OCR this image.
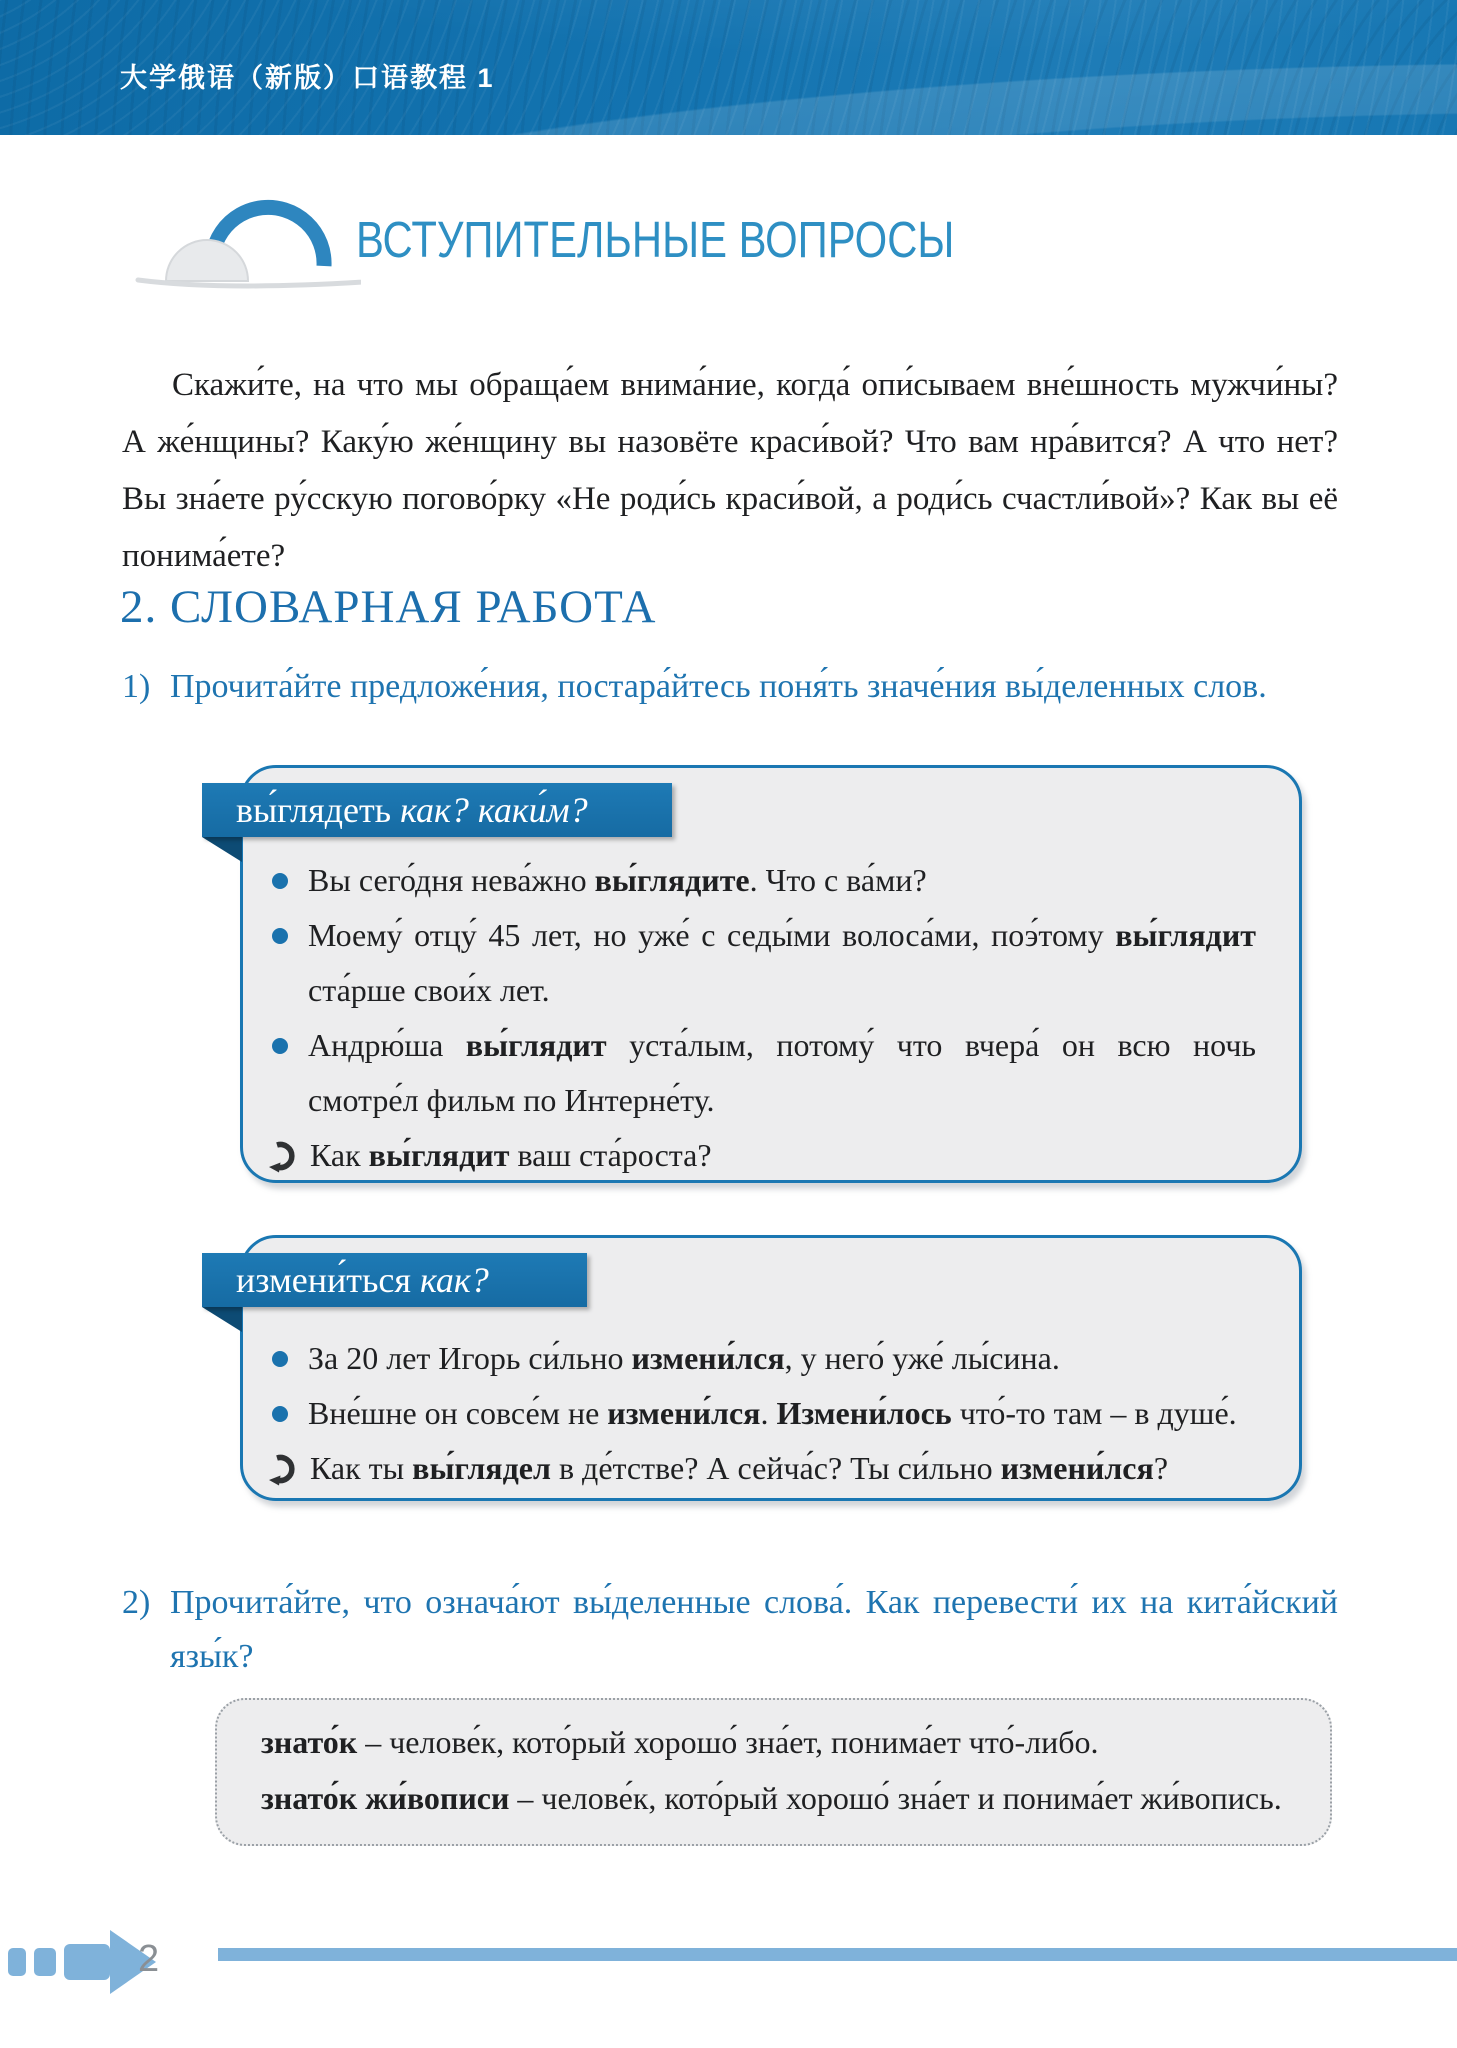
大学俄语（新版）口语教程 1
ВСТУПИТЕЛЬНЫЕ ВОПРОСЫ

Скажи́те, на что мы обраща́ем внима́ние, когда́ опи́сываем вне́шность мужчи́ны? А же́нщины? Каку́ю же́нщину вы назовёте краси́вой? Что вам нра́вится? А что нет? Вы зна́ете ру́сскую погово́рку «Не роди́сь краси́вой, а роди́сь счастли́вой»? Как вы её понима́ете?

2. СЛОВАРНАЯ РАБОТА
1) Прочита́йте предложе́ния, постара́йтесь поня́ть значе́ния вы́деленных слов.
вы́глядеть как? каки́м?
Вы сего́дня нева́жно вы́глядите. Что с ва́ми?
Моему́ отцу́ 45 лет, но уже́ с седы́ми волоса́ми, поэ́тому вы́глядит ста́рше свои́х лет.
Андрю́ша вы́глядит уста́лым, потому́ что вчера́ он всю ночь смотре́л фильм по Интерне́ту.
Как вы́глядит ваш ста́роста?
измени́ться как?
За 20 лет Игорь си́льно измени́лся, у него́ уже́ лы́сина.
Вне́шне он совсе́м не измени́лся. Измени́лось что́-то там – в душе́.
Как ты вы́глядел в де́тстве? А сейча́с? Ты си́льно измени́лся?
2) Прочита́йте, что означа́ют вы́деленные слова́. Как перевести́ их на кита́йский язы́к?

знато́к – челове́к, кото́рый хорошо́ зна́ет, понима́ет что́-либо.

знато́к жи́вописи – челове́к, кото́рый хорошо́ зна́ет и понима́ет жи́вопись.

2
